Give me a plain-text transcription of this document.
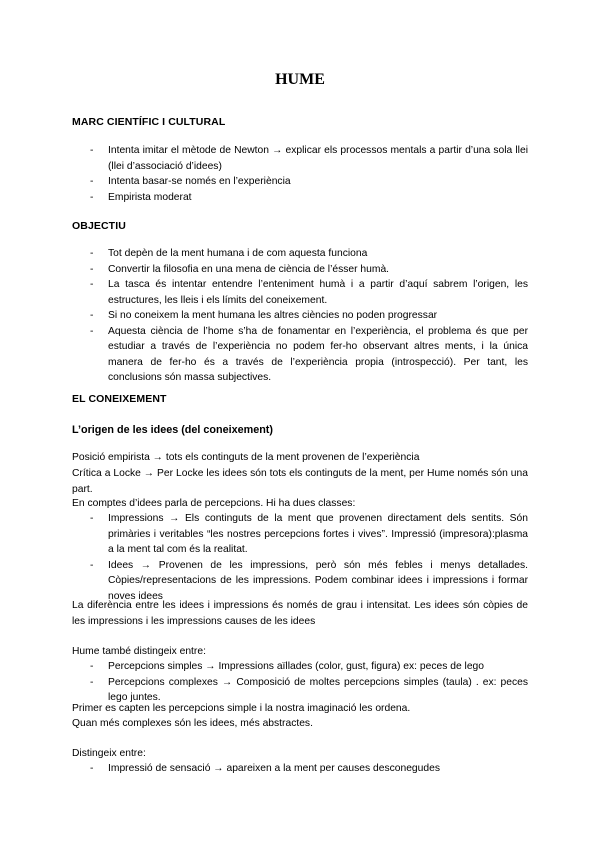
HUME
MARC CIENTÍFIC I CULTURAL
- Intenta imitar el mètode de Newton → explicar els processos mentals a partir d’una sola llei (llei d’associació d’idees)
- Intenta basar-se només en l’experiència
- Empirista moderat
OBJECTIU
- Tot depèn de la ment humana i de com aquesta funciona
- Convertir la filosofia en una mena de ciència de l’ésser humà.
- La tasca és intentar entendre l’enteniment humà i a partir d’aquí sabrem l’origen, les estructures, les lleis i els límits del coneixement.
- Si no coneixem la ment humana les altres ciències no poden progressar
- Aquesta ciència de l’home s’ha de fonamentar en l’experiència, el problema és que per estudiar a través de l’experiència no podem fer-ho observant altres ments, i la única manera de fer-ho és a través de l’experiència propia (introspecció). Per tant, les conclusions són massa subjectives.
EL CONEIXEMENT
L’origen de les idees (del coneixement)

Posició empirista → tots els continguts de la ment provenen de l’experiència

Crítica a Locke → Per Locke les idees són tots els continguts de la ment, per Hume només són una part.

En comptes d’idees parla de percepcions. Hi ha dues classes:

- Impressions → Els continguts de la ment que provenen directament dels sentits. Són primàries i veritables “les nostres percepcions fortes i vives”. Impressió (impresora):plasma a la ment tal com és la realitat.
- Idees → Provenen de les impressions, però són més febles i menys detallades. Còpies/representacions de les impressions. Podem combinar idees i impressions i formar noves idees

La diferència entre les idees i impressions és només de grau i intensitat. Les idees són còpies de les impressions i les impressions causes de les idees

Hume també distingeix entre:

- Percepcions simples → Impressions aïllades (color, gust, figura) ex: peces de lego
- Percepcions complexes → Composició de moltes percepcions simples (taula) . ex: peces lego juntes.

Primer es capten les percepcions simple i la nostra imaginació les ordena.

Quan més complexes són les idees, més abstractes.

Distingeix entre:

- Impressió de sensació → apareixen a la ment per causes desconegudes
